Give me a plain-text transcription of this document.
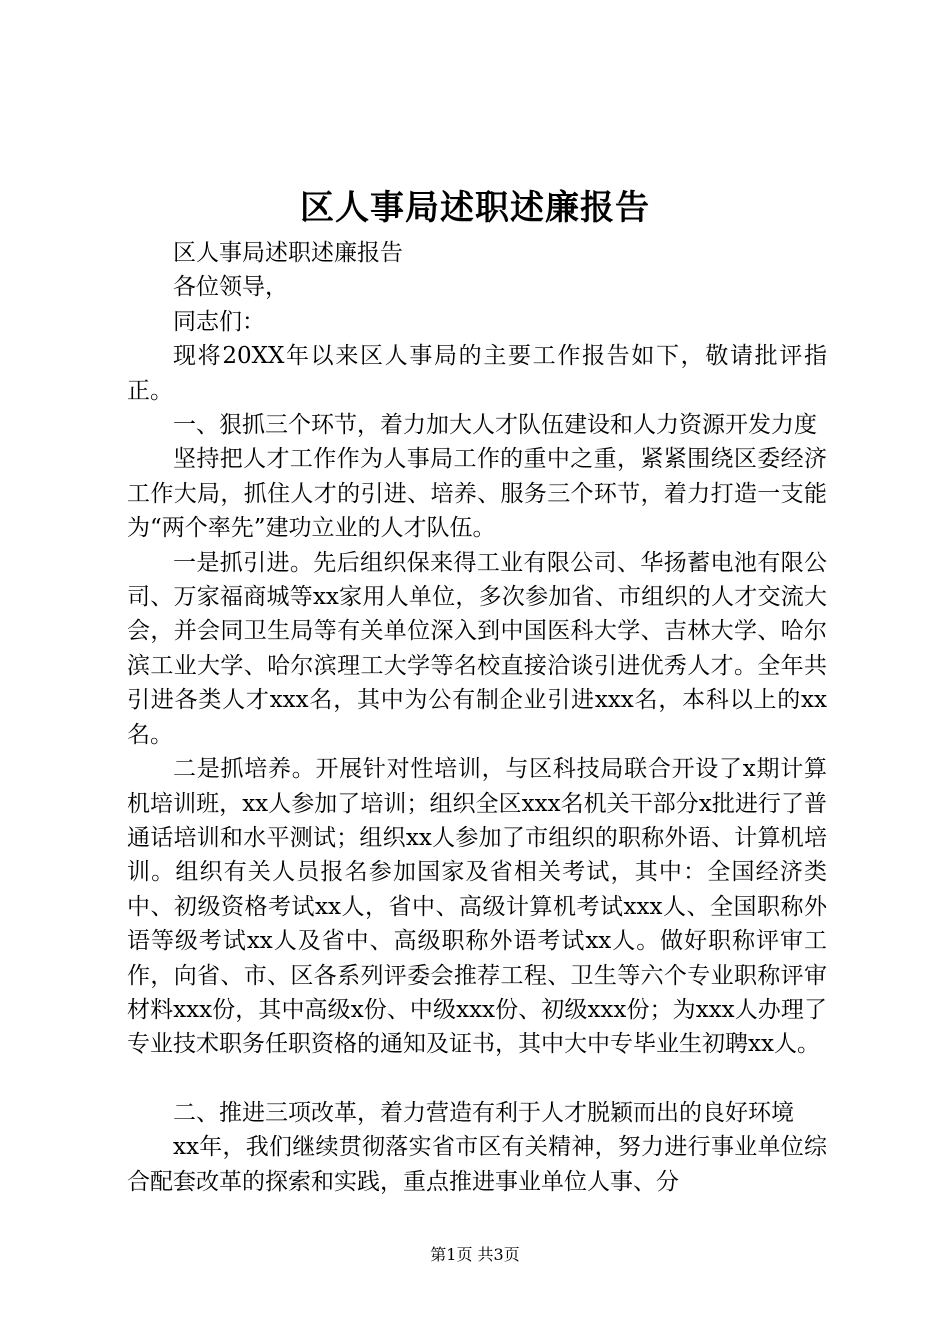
区人事局述职述廉报告

区人事局述职述廉报告

各位领导，

同志们：

现将20XX年以来区人事局的主要工作报告如下，敬请批评指正。

一、狠抓三个环节，着力加大人才队伍建设和人力资源开发力度

坚持把人才工作作为人事局工作的重中之重，紧紧围绕区委经济工作大局，抓住人才的引进、培养、服务三个环节，着力打造一支能为“两个率先”建功立业的人才队伍。

一是抓引进。先后组织保来得工业有限公司、华扬蓄电池有限公司、万家福商城等xx家用人单位，多次参加省、市组织的人才交流大会，并会同卫生局等有关单位深入到中国医科大学、吉林大学、哈尔滨工业大学、哈尔滨理工大学等名校直接洽谈引进优秀人才。全年共引进各类人才xxx名，其中为公有制企业引进xxx名，本科以上的xx名。

二是抓培养。开展针对性培训，与区科技局联合开设了x期计算机培训班，xx人参加了培训；组织全区xxx名机关干部分x批进行了普通话培训和水平测试；组织xx人参加了市组织的职称外语、计算机培训。组织有关人员报名参加国家及省相关考试，其中：全国经济类中、初级资格考试xx人，省中、高级计算机考试xxx人、全国职称外语等级考试xx人及省中、高级职称外语考试xx人。做好职称评审工作，向省、市、区各系列评委会推荐工程、卫生等六个专业职称评审材料xxx份，其中高级x份、中级xxx份、初级xxx份；为xxx人办理了专业技术职务任职资格的通知及证书，其中大中专毕业生初聘xx人。

二、推进三项改革，着力营造有利于人才脱颖而出的良好环境

xx年，我们继续贯彻落实省市区有关精神，努力进行事业单位综合配套改革的探索和实践，重点推进事业单位人事、分

第1页 共3页
